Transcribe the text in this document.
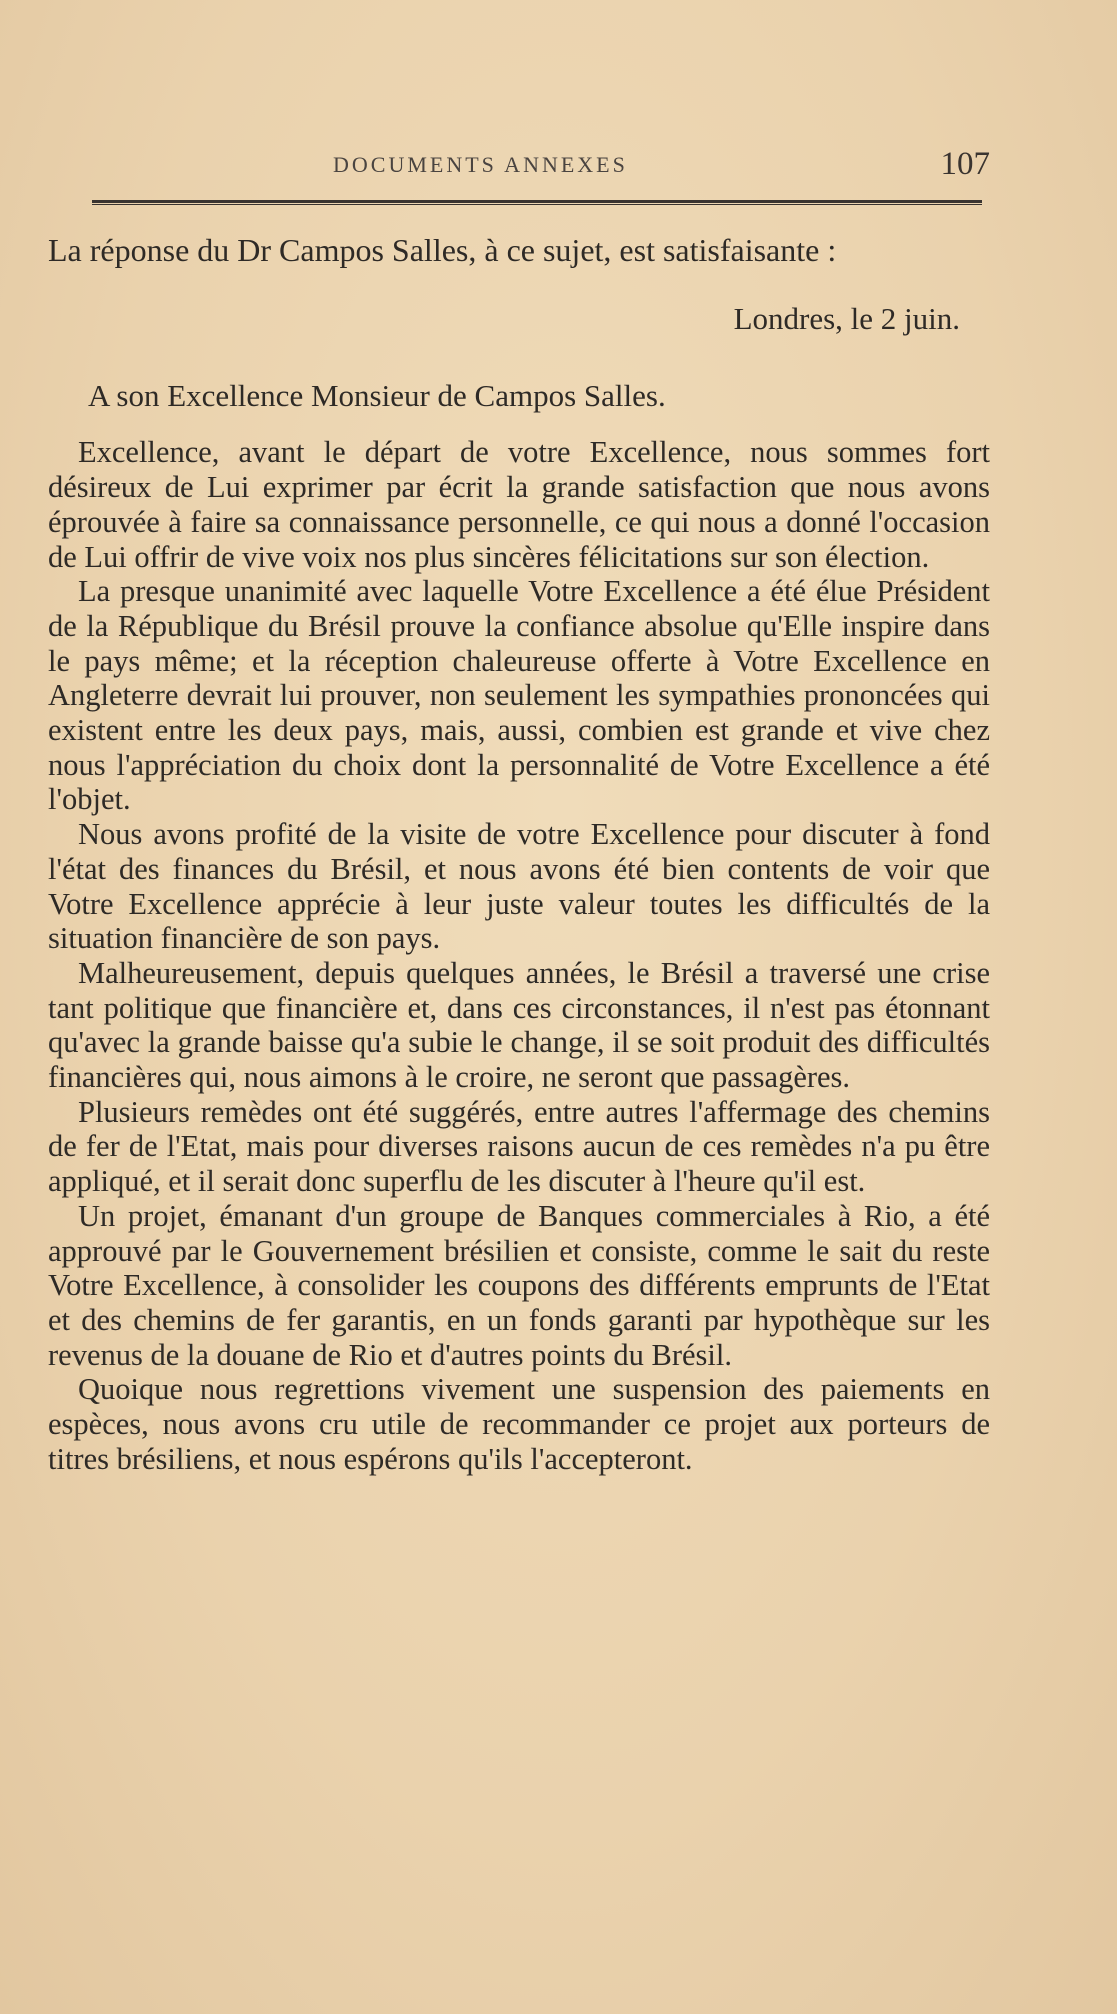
DOCUMENTS ANNEXES	107

La réponse du Dr Campos Salles, à ce sujet, est satisfaisante :

Londres, le 2 juin.

A son Excellence Monsieur de Campos Salles.

Excellence, avant le départ de votre Excellence, nous sommes fort désireux de Lui exprimer par écrit la grande satisfaction que nous avons éprouvée à faire sa connaissance personnelle, ce qui nous a donné l'occasion de Lui offrir de vive voix nos plus sincères félicitations sur son élection.

La presque unanimité avec laquelle Votre Excellence a été élue Président de la République du Brésil prouve la confiance absolue qu'Elle inspire dans le pays même; et la réception chaleureuse offerte à Votre Excellence en Angleterre devrait lui prouver, non seulement les sympathies prononcées qui existent entre les deux pays, mais, aussi, combien est grande et vive chez nous l'appréciation du choix dont la personnalité de Votre Excellence a été l'objet.

Nous avons profité de la visite de votre Excellence pour discuter à fond l'état des finances du Brésil, et nous avons été bien contents de voir que Votre Excellence apprécie à leur juste valeur toutes les difficultés de la situation financière de son pays.

Malheureusement, depuis quelques années, le Brésil a traversé une crise tant politique que financière et, dans ces circonstances, il n'est pas étonnant qu'avec la grande baisse qu'a subie le change, il se soit produit des difficultés financières qui, nous aimons à le croire, ne seront que passagères.

Plusieurs remèdes ont été suggérés, entre autres l'affermage des chemins de fer de l'Etat, mais pour diverses raisons aucun de ces remèdes n'a pu être appliqué, et il serait donc superflu de les discuter à l'heure qu'il est.

Un projet, émanant d'un groupe de Banques commerciales à Rio, a été approuvé par le Gouvernement brésilien et consiste, comme le sait du reste Votre Excellence, à consolider les coupons des différents emprunts de l'Etat et des chemins de fer garantis, en un fonds garanti par hypothèque sur les revenus de la douane de Rio et d'autres points du Brésil.

Quoique nous regrettions vivement une suspension des paiements en espèces, nous avons cru utile de recommander ce projet aux porteurs de titres brésiliens, et nous espérons qu'ils l'accepteront.
